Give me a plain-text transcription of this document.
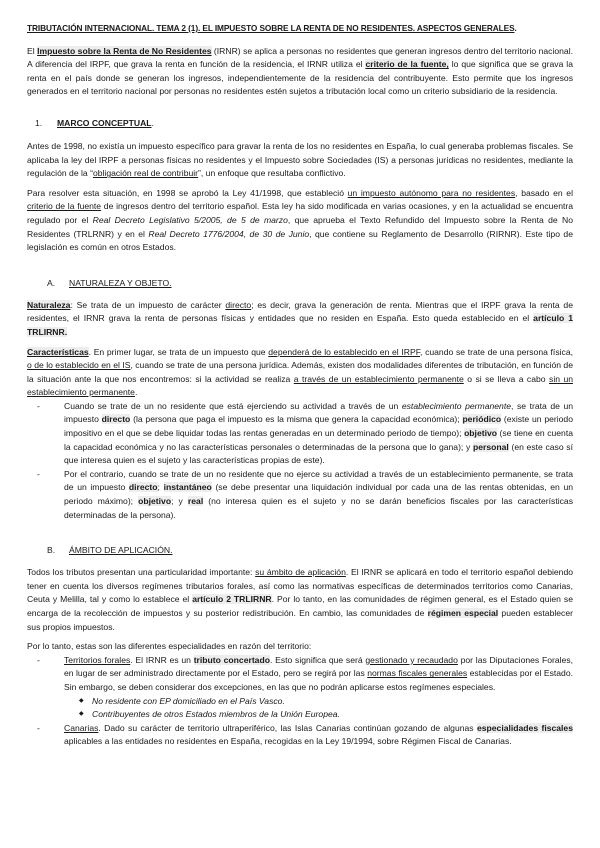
TRIBUTACIÓN INTERNACIONAL. TEMA 2 (1). EL IMPUESTO SOBRE LA RENTA DE NO RESIDENTES. ASPECTOS GENERALES.

El Impuesto sobre la Renta de No Residentes (IRNR) se aplica a personas no residentes que generan ingresos dentro del territorio nacional. A diferencia del IRPF, que grava la renta en función de la residencia, el IRNR utiliza el criterio de la fuente, lo que significa que se grava la renta en el país donde se generan los ingresos, independientemente de la residencia del contribuyente. Esto permite que los ingresos generados en el territorio nacional por personas no residentes estén sujetos a tributación local como un criterio subsidiario de la residencia.

1. MARCO CONCEPTUAL.

Antes de 1998, no existía un impuesto específico para gravar la renta de los no residentes en España, lo cual generaba problemas fiscales. Se aplicaba la ley del IRPF a personas físicas no residentes y el Impuesto sobre Sociedades (IS) a personas jurídicas no residentes, mediante la regulación de la “obligación real de contribuir”, un enfoque que resultaba conflictivo.

Para resolver esta situación, en 1998 se aprobó la Ley 41/1998, que estableció un impuesto autónomo para no residentes, basado en el criterio de la fuente de ingresos dentro del territorio español. Esta ley ha sido modificada en varias ocasiones, y en la actualidad se encuentra regulado por el Real Decreto Legislativo 5/2005, de 5 de marzo, que aprueba el Texto Refundido del Impuesto sobre la Renta de No Residentes (TRLRNR) y en el Real Decreto 1776/2004, de 30 de Junio, que contiene su Reglamento de Desarrollo (RIRNR). Este tipo de legislación es común en otros Estados.

A. NATURALEZA Y OBJETO.

Naturaleza: Se trata de un impuesto de carácter directo; es decir, grava la generación de renta. Mientras que el IRPF grava la renta de residentes, el IRNR grava la renta de personas físicas y entidades que no residen en España. Esto queda establecido en el artículo 1 TRLIRNR.

Características. En primer lugar, se trata de un impuesto que dependerá de lo establecido en el IRPF, cuando se trate de una persona física, o de lo establecido en el IS, cuando se trate de una persona jurídica. Además, existen dos modalidades diferentes de tributación, en función de la situación ante la que nos encontremos: si la actividad se realiza a través de un establecimiento permanente o si se lleva a cabo sin un establecimiento permanente.

- Cuando se trate de un no residente que está ejerciendo su actividad a través de un establecimiento permanente, se trata de un impuesto directo (la persona que paga el impuesto es la misma que genera la capacidad económica); periódico (existe un periodo impositivo en el que se debe liquidar todas las rentas generadas en un determinado periodo de tiempo); objetivo (se tiene en cuenta la capacidad económica y no las características personales o determinadas de la persona que lo gana); y personal (en este caso sí que interesa quien es el sujeto y las características propias de este).
- Por el contrario, cuando se trate de un no residente que no ejerce su actividad a través de un establecimiento permanente, se trata de un impuesto directo; instantáneo (se debe presentar una liquidación individual por cada una de las rentas obtenidas, en un periodo máximo); objetivo; y real (no interesa quien es el sujeto y no se darán beneficios fiscales por las características determinadas de la persona).
B. ÁMBITO DE APLICACIÓN.

Todos los tributos presentan una particularidad importante: su ámbito de aplicación. El IRNR se aplicará en todo el territorio español debiendo tener en cuenta los diversos regímenes tributarios forales, así como las normativas específicas de determinados territorios como Canarias, Ceuta y Melilla, tal y como lo establece el artículo 2 TRLIRNR. Por lo tanto, en las comunidades de régimen general, es el Estado quien se encarga de la recolección de impuestos y su posterior redistribución. En cambio, las comunidades de régimen especial pueden establecer sus propios impuestos.

Por lo tanto, estas son las diferentes especialidades en razón del territorio:

- Territorios forales. El IRNR es un tributo concertado. Esto significa que será gestionado y recaudado por las Diputaciones Forales, en lugar de ser administrado directamente por el Estado, pero se regirá por las normas fiscales generales establecidas por el Estado. Sin embargo, se deben considerar dos excepciones, en las que no podrán aplicarse estos regímenes especiales.
◆ No residente con EP domiciliado en el País Vasco.
◆ Contribuyentes de otros Estados miembros de la Unión Europea.
- Canarias. Dado su carácter de territorio ultraperiférico, las Islas Canarias continúan gozando de algunas especialidades fiscales aplicables a las entidades no residentes en España, recogidas en la Ley 19/1994, sobre Régimen Fiscal de Canarias.
